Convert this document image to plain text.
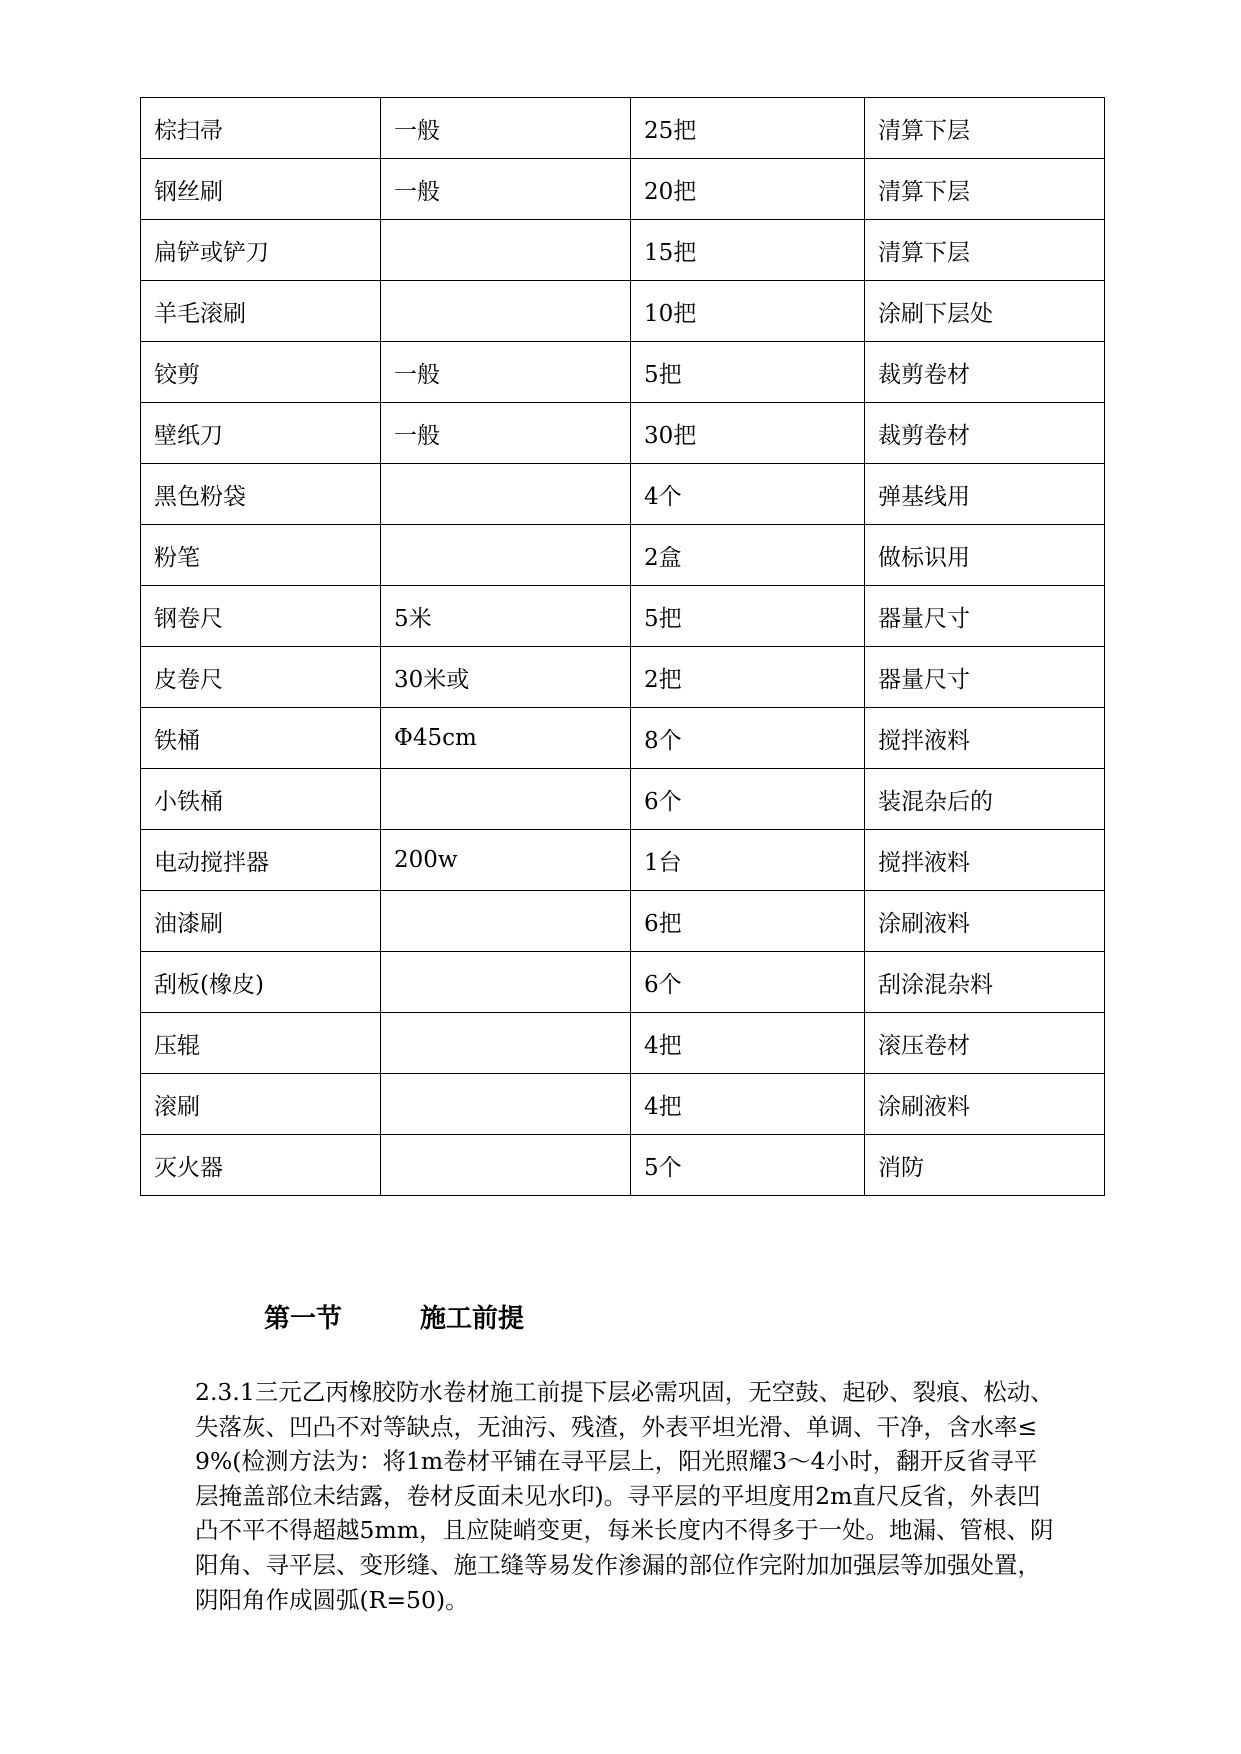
棕扫帚	一般	25把	清算下层
钢丝刷	一般	20把	清算下层
扁铲或铲刀		15把	清算下层
羊毛滚刷		10把	涂刷下层处
铰剪	一般	5把	裁剪卷材
壁纸刀	一般	30把	裁剪卷材
黑色粉袋		4个	弹基线用
粉笔		2盒	做标识用
钢卷尺	5米	5把	器量尺寸
皮卷尺	30米或	2把	器量尺寸
铁桶	Φ45cm	8个	搅拌液料
小铁桶		6个	装混杂后的
电动搅拌器	200w	1台	搅拌液料
油漆刷		6把	涂刷液料
刮板(橡皮)		6个	刮涂混杂料
压辊		4把	滚压卷材
滚刷		4把	涂刷液料
灭火器		5个	消防
第一节	施工前提

2.3.1三元乙丙橡胶防水卷材施工前提下层必需巩固，无空鼓、起砂、裂痕、松动、失落灰、凹凸不对等缺点，无油污、残渣，外表平坦光滑、单调、干净，含水率≤9%(检测方法为：将1m卷材平铺在寻平层上，阳光照耀3～4小时，翻开反省寻平层掩盖部位未结露，卷材反面未见水印)。寻平层的平坦度用2m直尺反省，外表凹凸不平不得超越5mm，且应陡峭变更，每米长度内不得多于一处。地漏、管根、阴阳角、寻平层、变形缝、施工缝等易发作渗漏的部位作完附加加强层等加强处置，阴阳角作成圆弧(R=50)。
